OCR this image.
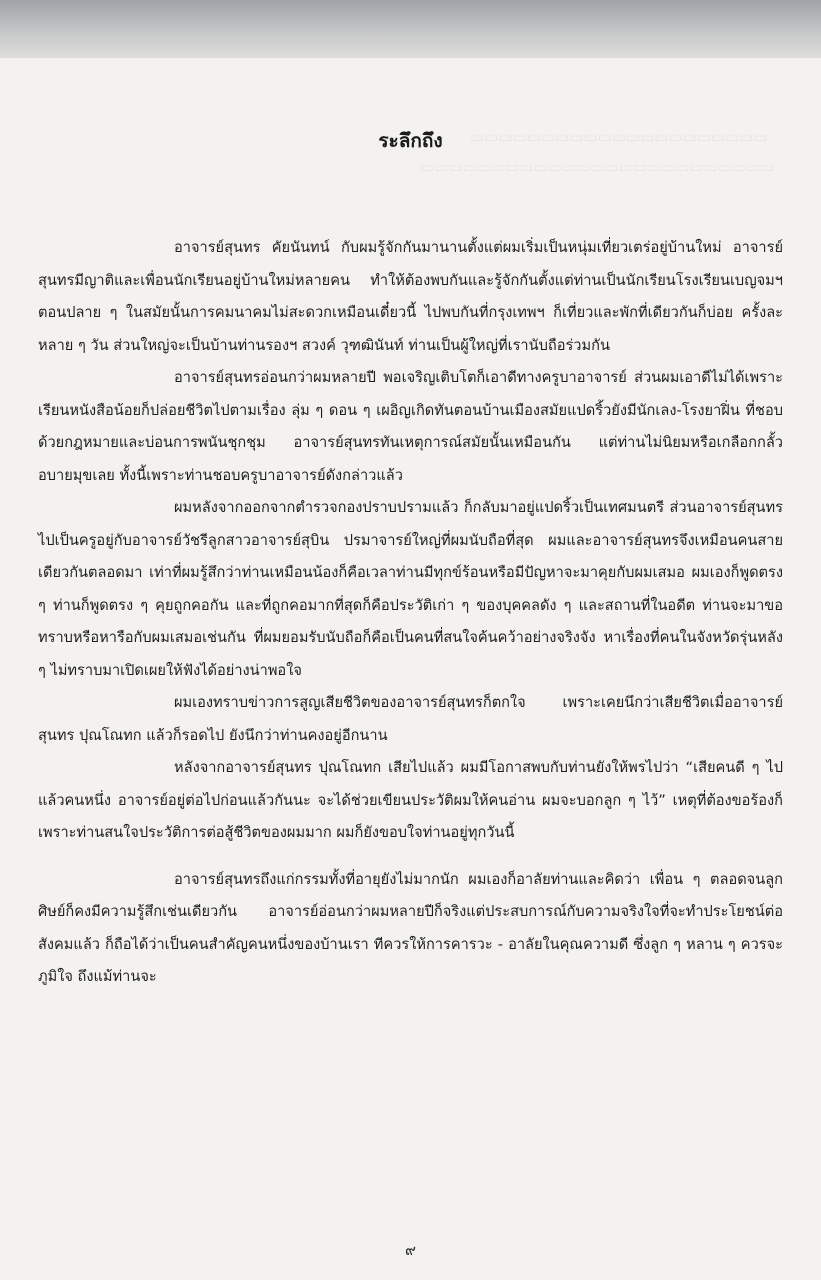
▭▭▭▭▭▭▭▭▭▭▭▭▭▭▭▭▭▭▭▭▭
▭▭▭▭▭▭▭▭▭▭▭▭▭▭▭▭▭▭▭▭▭▭▭▭▭
ระลึกถึง

อาจารย์สุนทร คัยนันทน์ กับผมรู้จักกันมานานตั้งแต่ผมเริ่มเป็นหนุ่มเที่ยวเตร่อยู่บ้านใหม่ อาจารย์สุนทรมีญาติและเพื่อนนักเรียนอยู่บ้านใหม่หลายคน ทำให้ต้องพบกันและรู้จักกันตั้งแต่ท่านเป็นนักเรียนโรงเรียนเบญจมฯ ตอนปลาย ๆ ในสมัยนั้นการคมนาคมไม่สะดวกเหมือนเดี๋ยวนี้ ไปพบกันที่กรุงเทพฯ ก็เที่ยวและพักที่เดียวกันก็บ่อย ครั้งละหลาย ๆ วัน ส่วนใหญ่จะเป็นบ้านท่านรองฯ สวงค์ วุฑฒินันท์ ท่านเป็นผู้ใหญ่ที่เรานับถือร่วมกัน

อาจารย์สุนทรอ่อนกว่าผมหลายปี พอเจริญเติบโตก็เอาดีทางครูบาอาจารย์ ส่วนผมเอาดีไม่ได้เพราะเรียนหนังสือน้อยก็ปล่อยชีวิตไปตามเรื่อง ลุ่ม ๆ ดอน ๆ เผอิญเกิดทันตอนบ้านเมืองสมัยแปดริ้วยังมีนักเลง-โรงยาฝิ่น ที่ชอบด้วยกฎหมายและบ่อนการพนันชุกชุม อาจารย์สุนทรทันเหตุการณ์สมัยนั้นเหมือนกัน แต่ท่านไม่นิยมหรือเกลือกกลั้วอบายมุขเลย ทั้งนี้เพราะท่านชอบครูบาอาจารย์ดังกล่าวแล้ว

ผมหลังจากออกจากตำรวจกองปราบปรามแล้ว ก็กลับมาอยู่แปดริ้วเป็นเทศมนตรี ส่วนอาจารย์สุนทรไปเป็นครูอยู่กับอาจารย์วัชรีลูกสาวอาจารย์สุบิน ปรมาจารย์ใหญ่ที่ผมนับถือที่สุด ผมและอาจารย์สุนทรจึงเหมือนคนสายเดียวกันตลอดมา เท่าที่ผมรู้สึกว่าท่านเหมือนน้องก็คือเวลาท่านมีทุกข์ร้อนหรือมีปัญหาจะมาคุยกับผมเสมอ ผมเองก็พูดตรง ๆ ท่านก็พูดตรง ๆ คุยถูกคอกัน และที่ถูกคอมากที่สุดก็คือประวัติเก่า ๆ ของบุคคลดัง ๆ และสถานที่ในอดีต ท่านจะมาขอทราบหรือหารือกับผมเสมอเช่นกัน ที่ผมยอมรับนับถือก็คือเป็นคนที่สนใจค้นคว้าอย่างจริงจัง หาเรื่องที่คนในจังหวัดรุ่นหลัง ๆ ไม่ทราบมาเปิดเผยให้ฟังได้อย่างน่าพอใจ

ผมเองทราบข่าวการสูญเสียชีวิตของอาจารย์สุนทรก็ตกใจ เพราะเคยนึกว่าเสียชีวิตเมื่ออาจารย์สุนทร ปุณโณทก แล้วก็รอดไป ยังนึกว่าท่านคงอยู่อีกนาน

หลังจากอาจารย์สุนทร ปุณโณทก เสียไปแล้ว ผมมีโอกาสพบกับท่านยังให้พรไปว่า “เสียคนดี ๆ ไปแล้วคนหนึ่ง อาจารย์อยู่ต่อไปก่อนแล้วกันนะ จะได้ช่วยเขียนประวัติผมให้คนอ่าน ผมจะบอกลูก ๆ ไว้” เหตุที่ต้องขอร้องก็เพราะท่านสนใจประวัติการต่อสู้ชีวิตของผมมาก ผมก็ยังขอบใจท่านอยู่ทุกวันนี้

อาจารย์สุนทรถึงแก่กรรมทั้งที่อายุยังไม่มากนัก ผมเองก็อาลัยท่านและคิดว่า เพื่อน ๆ ตลอดจนลูกศิษย์ก็คงมีความรู้สึกเช่นเดียวกัน อาจารย์อ่อนกว่าผมหลายปีก็จริงแต่ประสบการณ์กับความจริงใจที่จะทำประโยชน์ต่อสังคมแล้ว ก็ถือได้ว่าเป็นคนสำคัญคนหนึ่งของบ้านเรา ทีควรให้การคารวะ - อาลัยในคุณความดี ซึ่งลูก ๆ หลาน ๆ ควรจะภูมิใจ ถึงแม้ท่านจะ

๙
